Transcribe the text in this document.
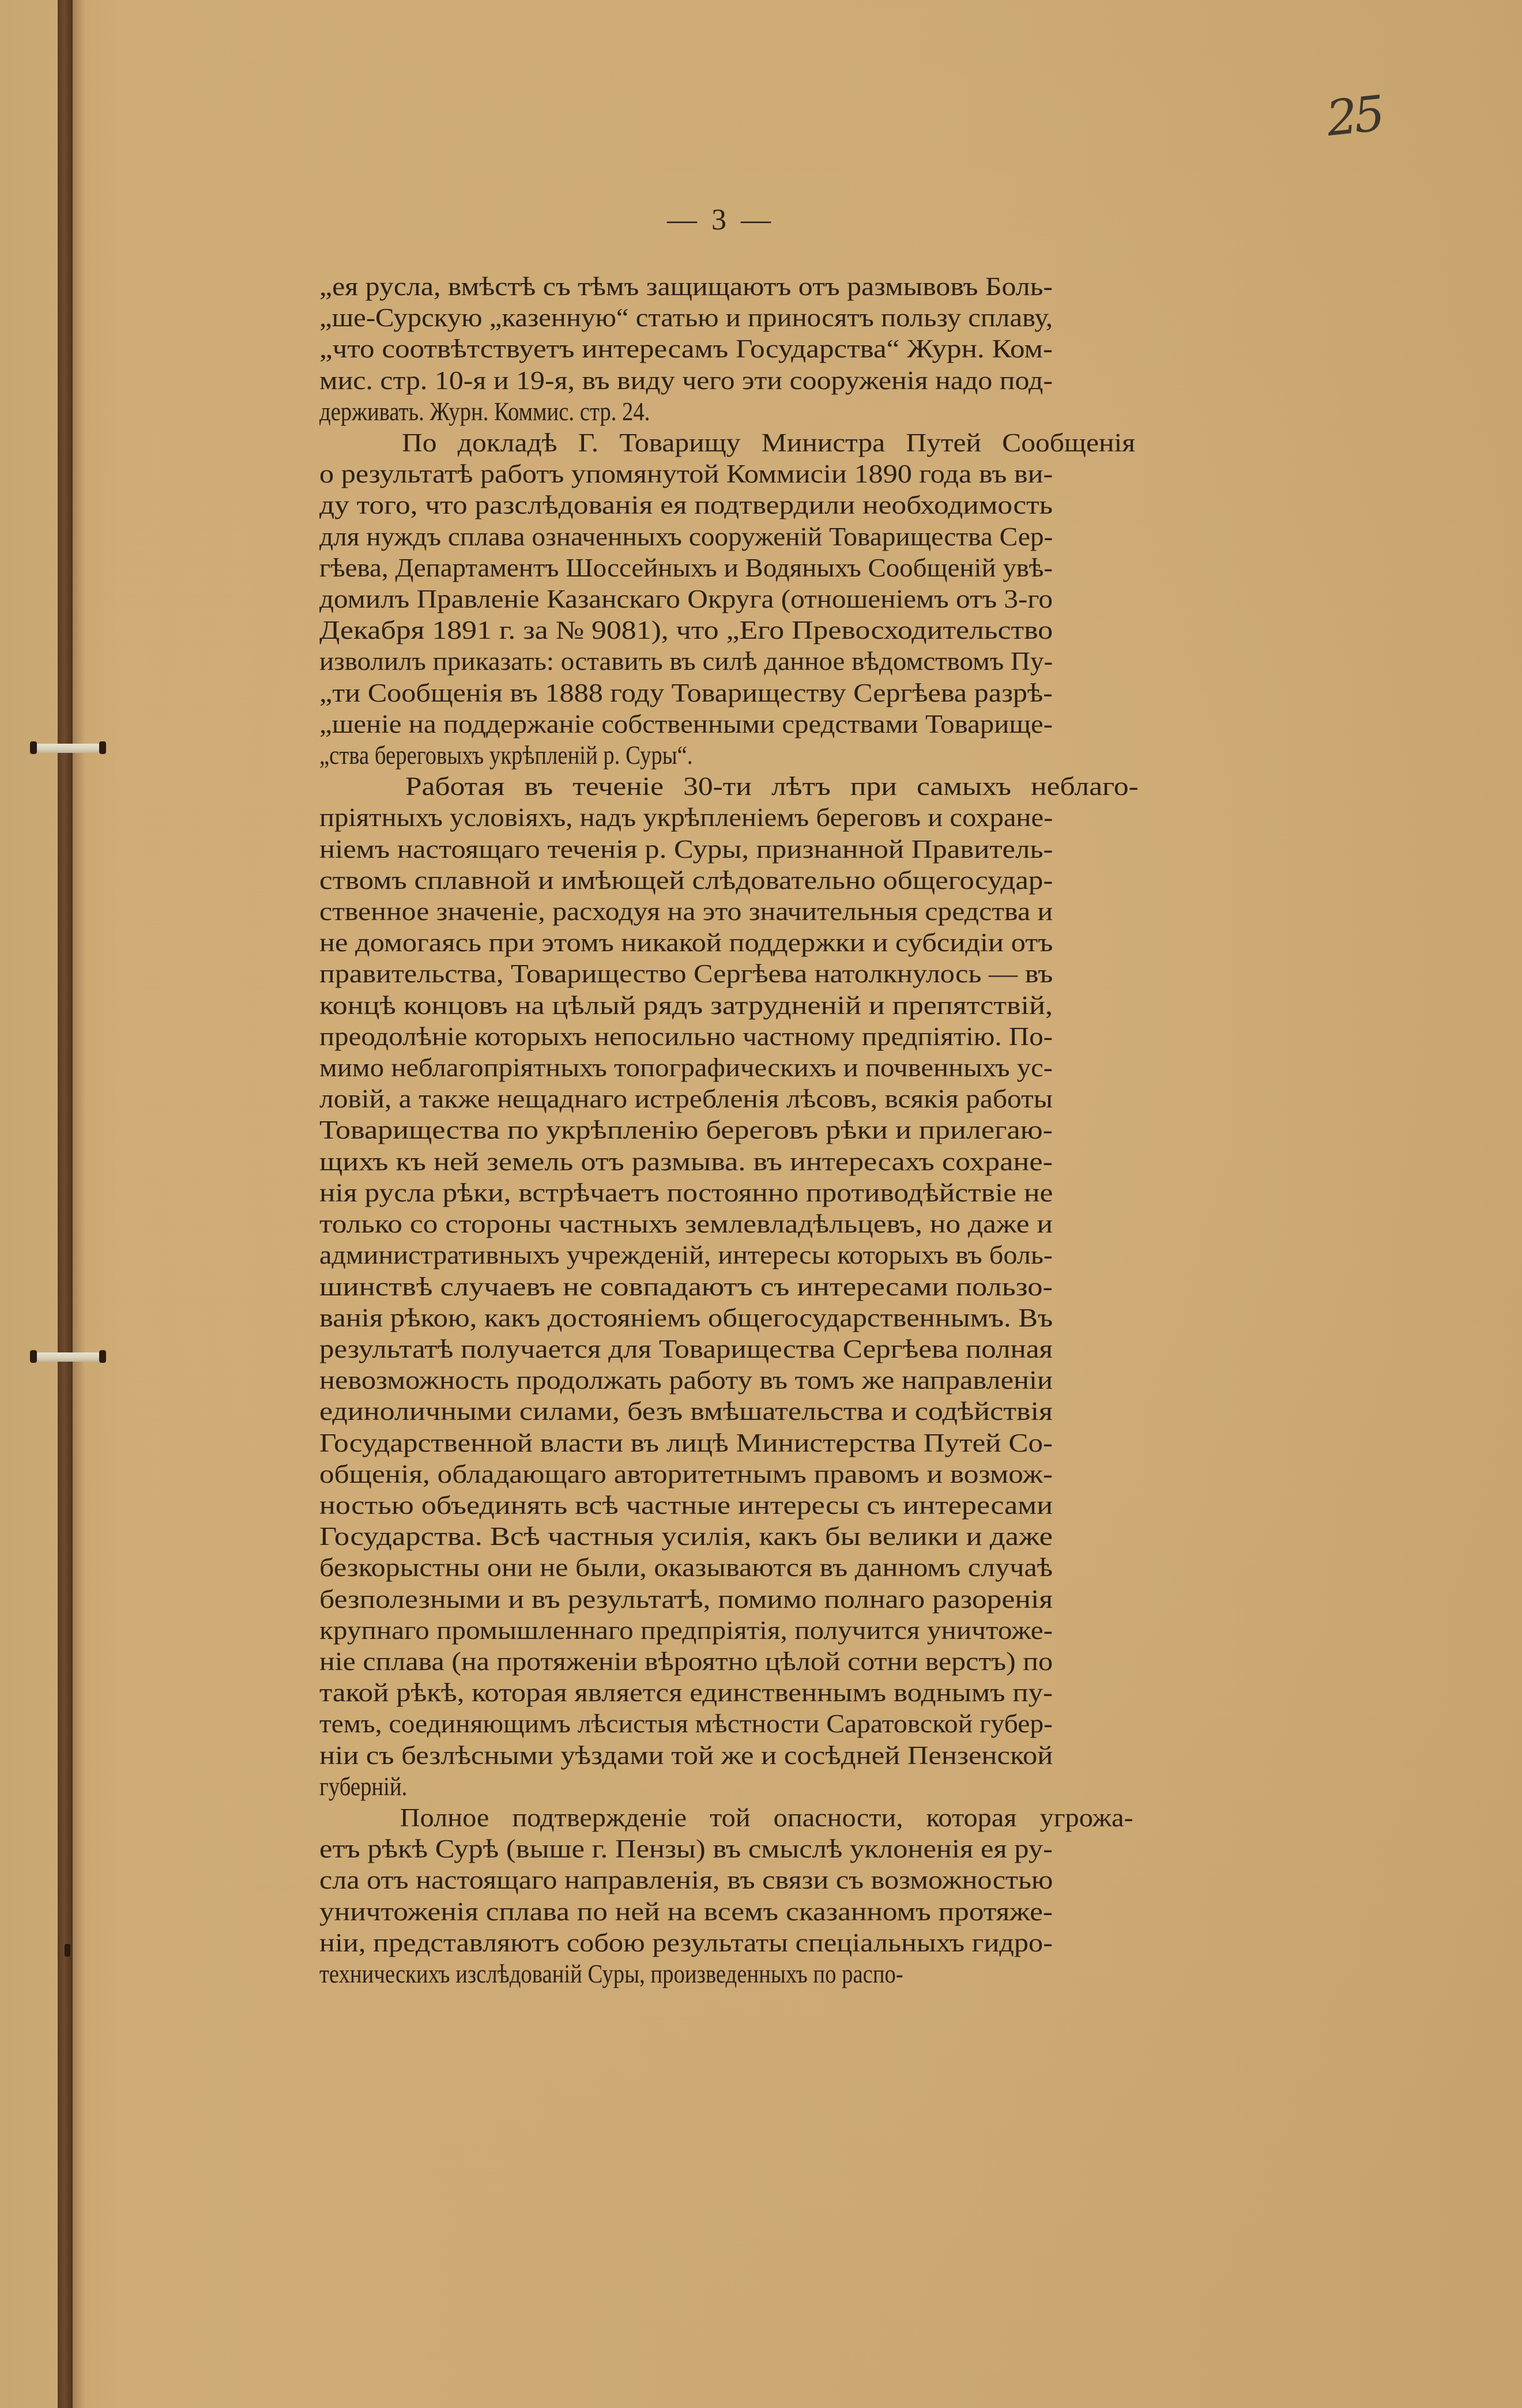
25
— 3 —
„ея русла, вмѣстѣ съ тѣмъ защищаютъ отъ размывовъ Боль-
„ше-Сурскую „казенную“ статью и приносятъ пользу сплаву,
„что соотвѣтствуетъ интересамъ Государства“ Журн. Ком-
мис. стр. 10-я и 19-я, въ виду чего эти сооруженія надо под-
держивать. Журн. Коммис. стр. 24.
По докладѣ Г. Товарищу Министра Путей Сообщенія
о результатѣ работъ упомянутой Коммисіи 1890 года въ ви-
ду того, что разслѣдованія ея подтвердили необходимость
для нуждъ сплава означенныхъ сооруженій Товарищества Сер-
гѣева, Департаментъ Шоссейныхъ и Водяныхъ Сообщеній увѣ-
домилъ Правленіе Казанскаго Округа (отношеніемъ отъ 3-го
Декабря 1891 г. за № 9081), что „Его Превосходительство
изволилъ приказать: оставить въ силѣ данное вѣдомствомъ Пу-
„ти Сообщенія въ 1888 году Товариществу Сергѣева разрѣ-
„шеніе на поддержаніе собственными средствами Товарище-
„ства береговыхъ укрѣпленій р. Суры“.
Работая въ теченіе 30-ти лѣтъ при самыхъ неблаго-
пріятныхъ условіяхъ, надъ укрѣпленіемъ береговъ и сохране-
ніемъ настоящаго теченія р. Суры, признанной Правитель-
ствомъ сплавной и имѣющей слѣдовательно общегосудар-
ственное значеніе, расходуя на это значительныя средства и
не домогаясь при этомъ никакой поддержки и субсидіи отъ
правительства, Товарищество Сергѣева натолкнулось — въ
концѣ концовъ на цѣлый рядъ затрудненій и препятствій,
преодолѣніе которыхъ непосильно частному предпіятію. По-
мимо неблагопріятныхъ топографическихъ и почвенныхъ ус-
ловій, а также нещаднаго истребленія лѣсовъ, всякія работы
Товарищества по укрѣпленію береговъ рѣки и прилегаю-
щихъ къ ней земель отъ размыва. въ интересахъ сохране-
нія русла рѣки, встрѣчаетъ постоянно противодѣйствіе не
только со стороны частныхъ землевладѣльцевъ, но даже и
административныхъ учрежденій, интересы которыхъ въ боль-
шинствѣ случаевъ не совпадаютъ съ интересами пользо-
ванія рѣкою, какъ достояніемъ общегосударственнымъ. Въ
результатѣ получается для Товарищества Сергѣева полная
невозможность продолжать работу въ томъ же направленіи
единоличными силами, безъ вмѣшательства и содѣйствія
Государственной власти въ лицѣ Министерства Путей Со-
общенія, обладающаго авторитетнымъ правомъ и возмож-
ностью объединять всѣ частные интересы съ интересами
Государства. Всѣ частныя усилія, какъ бы велики и даже
безкорыстны они не были, оказываются въ данномъ случаѣ
безполезными и въ результатѣ, помимо полнаго разоренія
крупнаго промышленнаго предпріятія, получится уничтоже-
ніе сплава (на протяженіи вѣроятно цѣлой сотни верстъ) по
такой рѣкѣ, которая является единственнымъ воднымъ пу-
темъ, соединяющимъ лѣсистыя мѣстности Саратовской губер-
ніи съ безлѣсными уѣздами той же и сосѣдней Пензенской
губерній.
Полное подтвержденіе той опасности, которая угрожа-
етъ рѣкѣ Сурѣ (выше г. Пензы) въ смыслѣ уклоненія ея ру-
сла отъ настоящаго направленія, въ связи съ возможностью
уничтоженія сплава по ней на всемъ сказанномъ протяже-
ніи, представляютъ собою результаты спеціальныхъ гидро-
техническихъ изслѣдованій Суры, произведенныхъ по распо-
